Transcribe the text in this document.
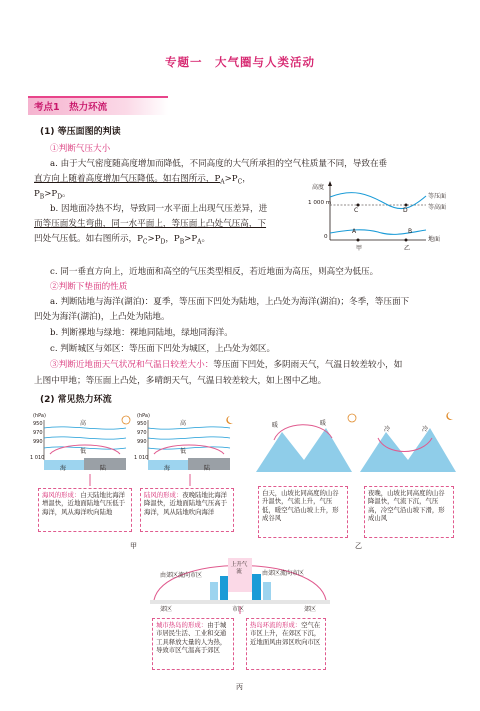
专题一　大气圈与人类活动
考点1　热力环流
(1) 等压面图的判读
①判断气压大小
a. 由于大气密度随高度增加而降低，不同高度的大气所承担的空气柱质量不同，导致在垂
直方向上随着高度增加气压降低。如右图所示，$P_A>P_C$，
$P_B>P_D$。
b. 因地面冷热不均，导致同一水平面上出现气压差异，进
而等压面发生弯曲，同一水平面上，等压面上凸处气压高，下
凹处气压低。如右图所示，$P_C>P_D$，$P_B>P_A$。
高度
1 000 m
0
等压面
等高面
地面
C	D
A	B
甲	乙
c. 同一垂直方向上，近地面和高空的气压类型相反，若近地面为高压，则高空为低压。
②判断下垫面的性质
a. 判断陆地与海洋(湖泊)：夏季，等压面下凹处为陆地，上凸处为海洋(湖泊)；冬季，等压面下
凹处为海洋(湖泊)，上凸处为陆地。
b. 判断裸地与绿地：裸地同陆地，绿地同海洋。
c. 判断城区与郊区：等压面下凹处为城区，上凸处为郊区。
③判断近地面天气状况和气温日较差大小：等压面下凹处，多阴雨天气，气温日较差较小，如
上图中甲地；等压面上凸处，多晴朗天气，气温日较差较大，如上图中乙地。
(2) 常见热力环流
(hPa)	(hPa)
950
970
990
1 010
950
970
990
1 010
高
低
高
低
海	陆	海	陆
海风的形成：白天陆地比海洋增温快，近地面陆地气压低于海洋，风从海洋吹向陆地
陆风的形成：夜晚陆地比海洋降温快，近地面陆地气压高于海洋，风从陆地吹向海洋
甲
暖	暖
冷	冷
白天，山坡比同高度的山谷升温快，气流上升，气压低，暖空气沿山坡上升，形成谷风
夜晚，山坡比同高度的山谷降温快，气流下沉，气压高，冷空气沿山坡下滑，形成山风
乙
由郊区流向市区	由郊区流向市区
上升气流
郊区	市区	郊区
城市热岛的形成：由于城市居民生活、工业和交通工具释放大量的人为热，导致市区气温高于郊区
热岛环流的形成：空气在市区上升，在郊区下沉，近地面风由郊区吹向市区
丙
